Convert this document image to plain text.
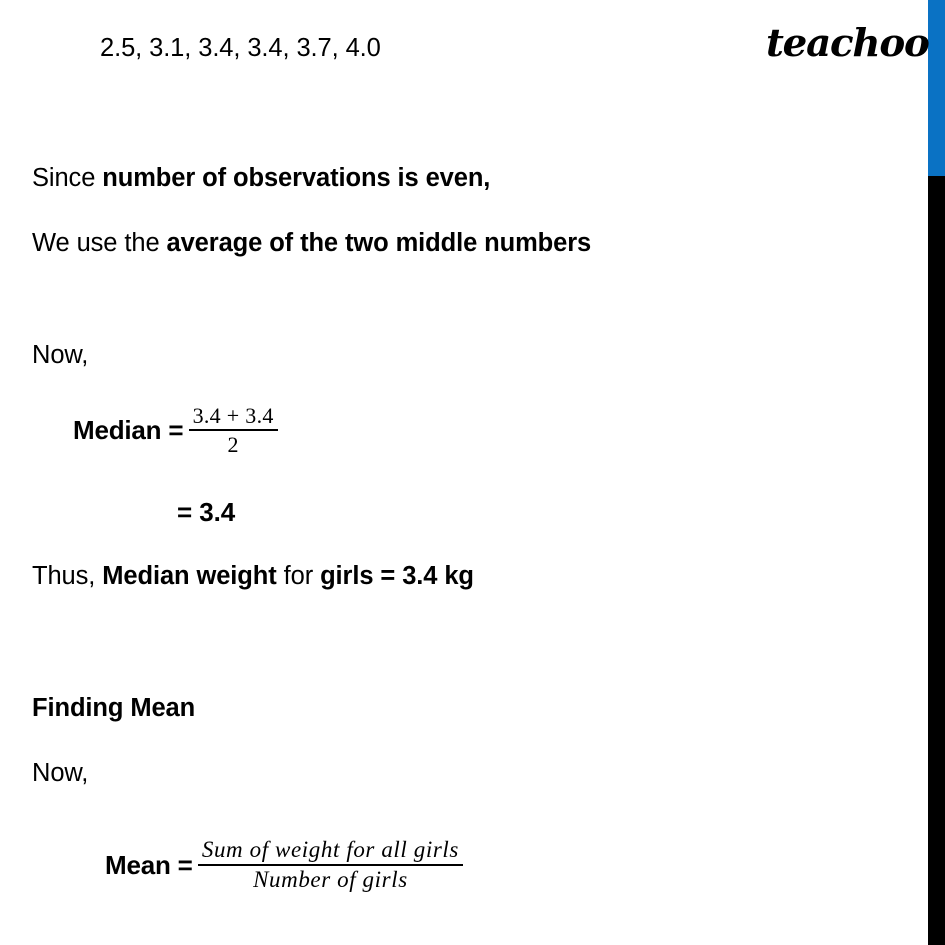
teachoo
2.5, 3.1, 3.4, 3.4, 3.7, 4.0
Since number of observations is even,
We use the average of the two middle numbers
Now,
Median = $\frac{3.4 + 3.4}{2}$
= 3.4
Thus, Median weight for girls = 3.4 kg
Finding Mean
Now,
Mean = $\frac{\text{Sum of weight for all girls}}{\text{Number of girls}}$
